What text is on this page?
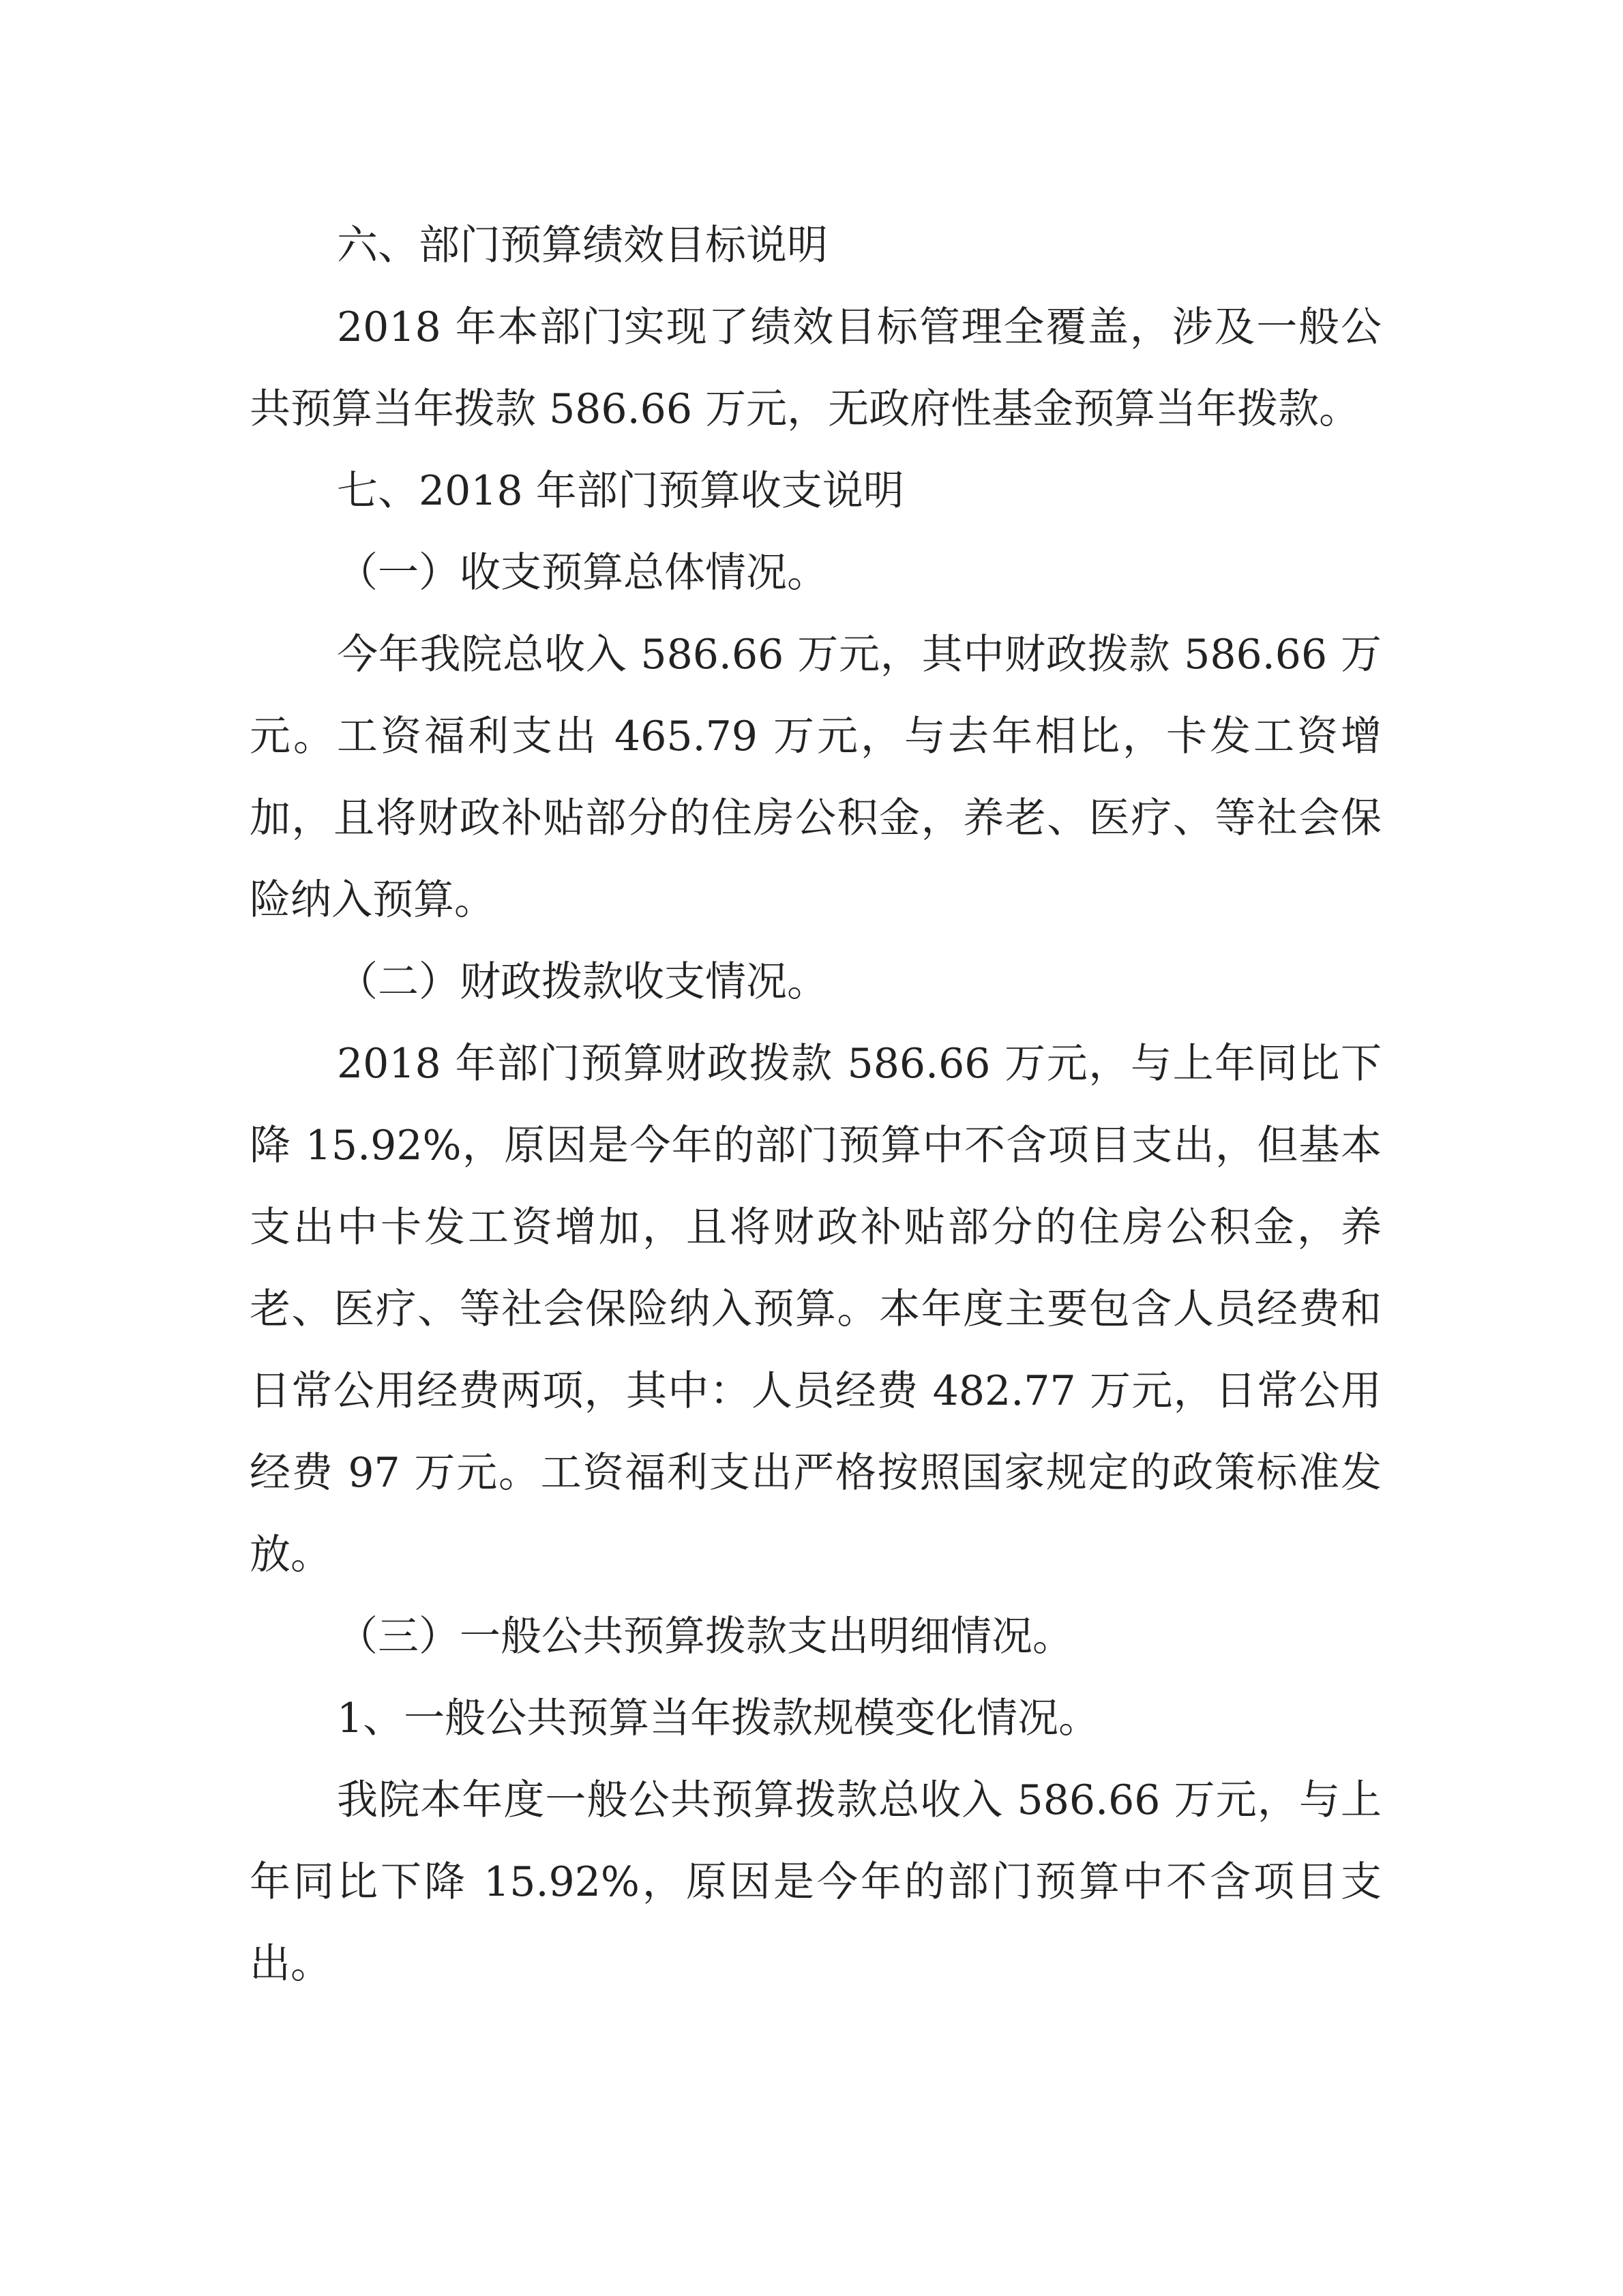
六、部门预算绩效目标说明

2018 年本部门实现了绩效目标管理全覆盖，涉及一般公共预算当年拨款 586.66 万元，无政府性基金预算当年拨款。

七、2018 年部门预算收支说明

（一）收支预算总体情况。

今年我院总收入 586.66 万元，其中财政拨款 586.66 万元。工资福利支出 465.79 万元，与去年相比，卡发工资增加，且将财政补贴部分的住房公积金，养老、医疗、等社会保险纳入预算。

（二）财政拨款收支情况。

2018 年部门预算财政拨款 586.66 万元，与上年同比下降 15.92%，原因是今年的部门预算中不含项目支出，但基本支出中卡发工资增加，且将财政补贴部分的住房公积金，养老、医疗、等社会保险纳入预算。本年度主要包含人员经费和日常公用经费两项，其中：人员经费 482.77 万元，日常公用经费 97 万元。工资福利支出严格按照国家规定的政策标准发放。

（三）一般公共预算拨款支出明细情况。

1、一般公共预算当年拨款规模变化情况。

我院本年度一般公共预算拨款总收入 586.66 万元，与上年同比下降 15.92%，原因是今年的部门预算中不含项目支出。
